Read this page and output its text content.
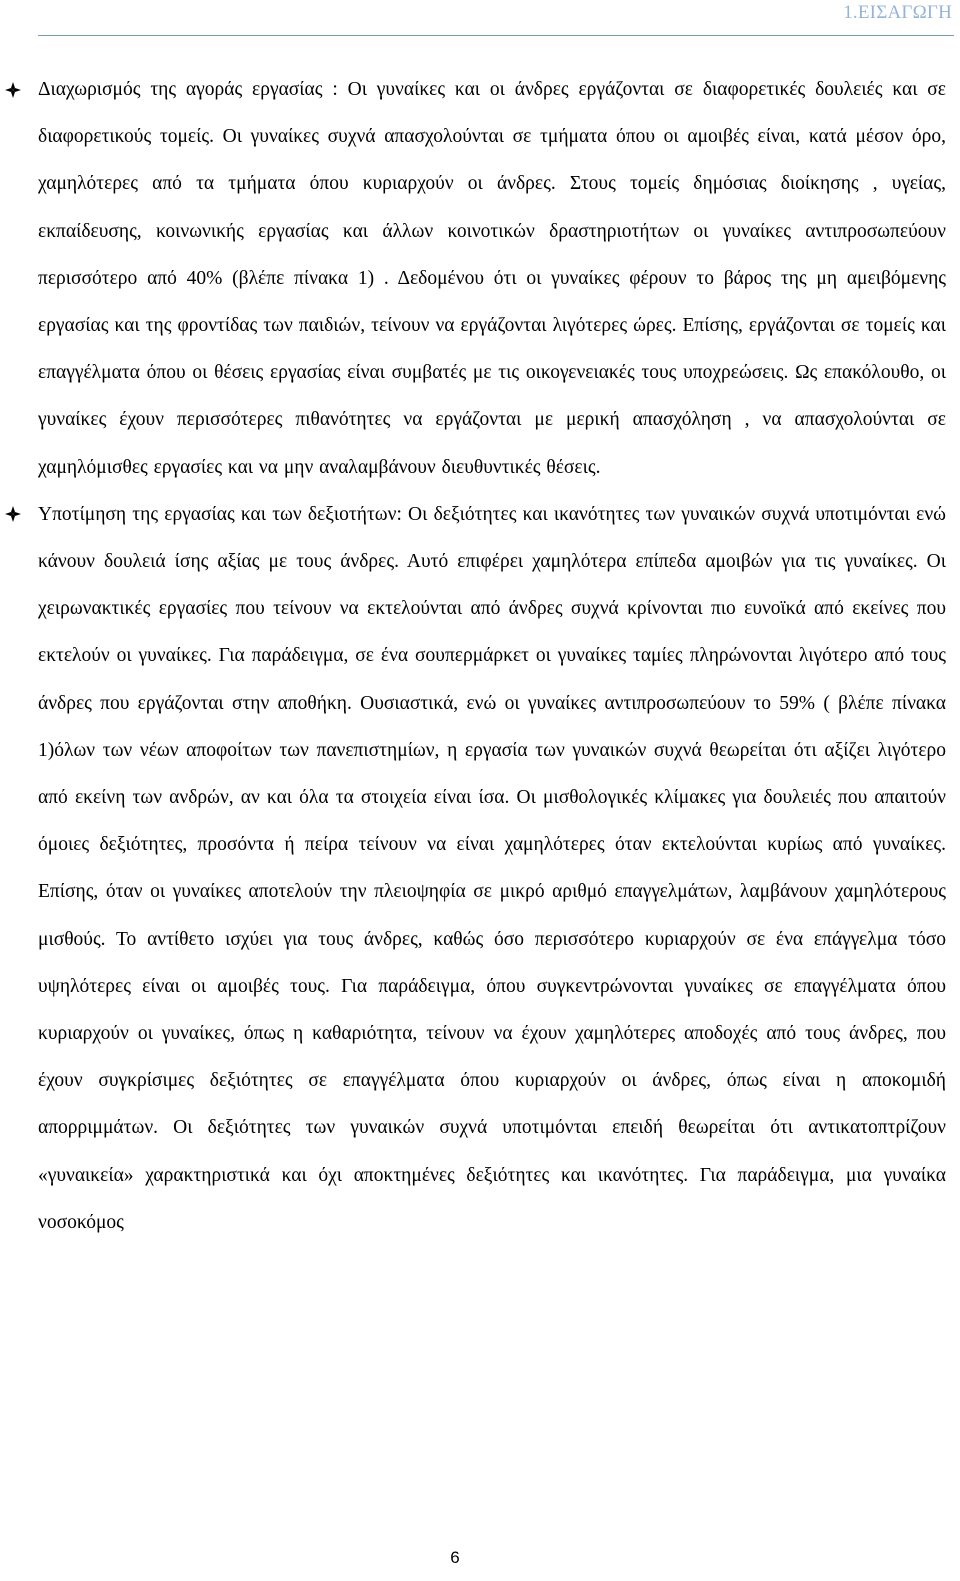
1.ΕΙΣΑΓΩΓΗ
Διαχωρισμός της αγοράς εργασίας : Οι γυναίκες και οι άνδρες εργάζονται σε διαφορετικές δουλειές και σε διαφορετικούς τομείς. Οι γυναίκες συχνά απασχολούνται σε τμήματα όπου οι αμοιβές είναι, κατά μέσον όρο, χαμηλότερες από τα τμήματα όπου κυριαρχούν οι άνδρες. Στους τομείς δημόσιας διοίκησης , υγείας, εκπαίδευσης, κοινωνικής εργασίας και άλλων κοινοτικών δραστηριοτήτων οι γυναίκες αντιπροσωπεύουν περισσότερο από 40% (βλέπε πίνακα 1) . Δεδομένου ότι οι γυναίκες φέρουν το βάρος της μη αμειβόμενης εργασίας και της φροντίδας των παιδιών, τείνουν να εργάζονται λιγότερες ώρες. Επίσης, εργάζονται σε τομείς και επαγγέλματα όπου οι θέσεις εργασίας είναι συμβατές με τις οικογενειακές τους υποχρεώσεις. Ως επακόλουθο, οι γυναίκες έχουν περισσότερες πιθανότητες να εργάζονται με μερική απασχόληση , να απασχολούνται σε χαμηλόμισθες εργασίες και να μην αναλαμβάνουν διευθυντικές θέσεις.
Υποτίμηση της εργασίας και των δεξιοτήτων: Οι δεξιότητες και ικανότητες των γυναικών συχνά υποτιμόνται ενώ κάνουν δουλειά ίσης αξίας με τους άνδρες. Αυτό επιφέρει χαμηλότερα επίπεδα αμοιβών για τις γυναίκες. Οι χειρωνακτικές εργασίες που τείνουν να εκτελούνται από άνδρες συχνά κρίνονται πιο ευνοϊκά από εκείνες που εκτελούν οι γυναίκες. Για παράδειγμα, σε ένα σουπερμάρκετ οι γυναίκες ταμίες πληρώνονται λιγότερο από τους άνδρες που εργάζονται στην αποθήκη. Ουσιαστικά, ενώ οι γυναίκες αντιπροσωπεύουν το 59% ( βλέπε πίνακα 1)όλων των νέων αποφοίτων των πανεπιστημίων, η εργασία των γυναικών συχνά θεωρείται ότι αξίζει λιγότερο από εκείνη των ανδρών, αν και όλα τα στοιχεία είναι ίσα. Οι μισθολογικές κλίμακες για δουλειές που απαιτούν όμοιες δεξιότητες, προσόντα ή πείρα τείνουν να είναι χαμηλότερες όταν εκτελούνται κυρίως από γυναίκες. Επίσης, όταν οι γυναίκες αποτελούν την πλειοψηφία σε μικρό αριθμό επαγγελμάτων, λαμβάνουν χαμηλότερους μισθούς. Το αντίθετο ισχύει για τους άνδρες, καθώς όσο περισσότερο κυριαρχούν σε ένα επάγγελμα τόσο υψηλότερες είναι οι αμοιβές τους. Για παράδειγμα, όπου συγκεντρώνονται γυναίκες σε επαγγέλματα όπου κυριαρχούν οι γυναίκες, όπως η καθαριότητα, τείνουν να έχουν χαμηλότερες αποδοχές από τους άνδρες, που έχουν συγκρίσιμες δεξιότητες σε επαγγέλματα όπου κυριαρχούν οι άνδρες, όπως είναι η αποκομιδή απορριμμάτων. Οι δεξιότητες των γυναικών συχνά υποτιμόνται επειδή θεωρείται ότι αντικατοπτρίζουν «γυναικεία» χαρακτηριστικά και όχι αποκτημένες δεξιότητες και ικανότητες. Για παράδειγμα, μια γυναίκα νοσοκόμος
6
